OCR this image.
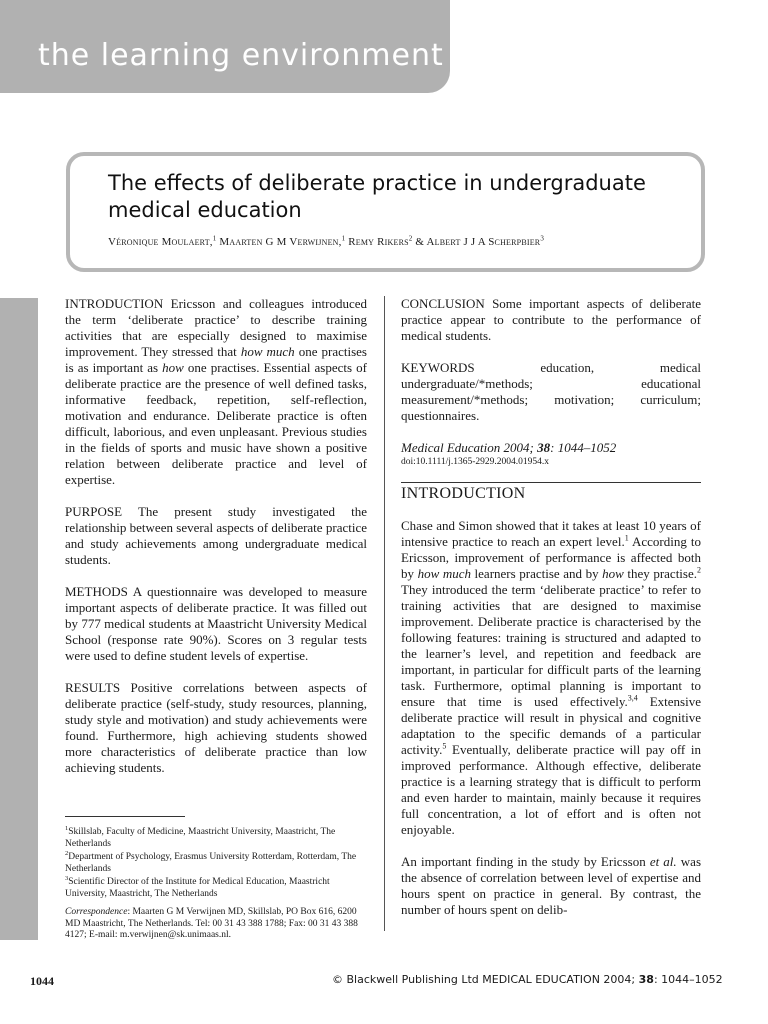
the learning environment
The effects of deliberate practice in undergraduate medical education
Véronique Moulaert,$^1$ Maarten G M Verwijnen,$^1$ Remy Rikers$^2$ & Albert J J A Scherpbier$^3$

INTRODUCTION Ericsson and colleagues introduced the term ‘deliberate practice’ to describe training activities that are especially designed to maximise improvement. They stressed that how much one practises is as important as how one practises. Essential aspects of deliberate practice are the presence of well defined tasks, informative feedback, repetition, self-reflection, motivation and endurance. Deliberate practice is often difficult, laborious, and even unpleasant. Previous studies in the fields of sports and music have shown a positive relation between deliberate practice and level of expertise.

PURPOSE The present study investigated the relationship between several aspects of deliberate practice and study achievements among undergraduate medical students.

METHODS A questionnaire was developed to measure important aspects of deliberate practice. It was filled out by 777 medical students at Maastricht University Medical School (response rate 90%). Scores on 3 regular tests were used to define student levels of expertise.

RESULTS Positive correlations between aspects of deliberate practice (self-study, study resources, planning, study style and motivation) and study achievements were found. Furthermore, high achieving students showed more characteristics of deliberate practice than low achieving students.

CONCLUSION Some important aspects of deliberate practice appear to contribute to the performance of medical students.

KEYWORDS education, medical undergraduate/*methods; educational measurement/*methods; motivation; curriculum; questionnaires.

Medical Education 2004; 38: 1044–1052
doi:10.1111/j.1365-2929.2004.01954.x
INTRODUCTION

Chase and Simon showed that it takes at least 10 years of intensive practice to reach an expert level.$^1$ According to Ericsson, improvement of performance is affected both by how much learners practise and by how they practise.$^2$ They introduced the term ‘deliberate practice’ to refer to training activities that are designed to maximise improvement. Deliberate practice is characterised by the following features: training is structured and adapted to the learner’s level, and repetition and feedback are important, in particular for difficult parts of the learning task. Furthermore, optimal planning is important to ensure that time is used effectively.$^{3,4}$ Extensive deliberate practice will result in physical and cognitive adaptation to the specific demands of a particular activity.$^5$ Eventually, deliberate practice will pay off in improved performance. Although effective, deliberate practice is a learning strategy that is difficult to perform and even harder to maintain, mainly because it requires full concentration, a lot of effort and is often not enjoyable.

An important finding in the study by Ericsson et al. was the absence of correlation between level of expertise and hours spent on practice in general. By contrast, the number of hours spent on delib-

$^1$Skillslab, Faculty of Medicine, Maastricht University, Maastricht, The Netherlands

$^2$Department of Psychology, Erasmus University Rotterdam, Rotterdam, The Netherlands

$^3$Scientific Director of the Institute for Medical Education, Maastricht University, Maastricht, The Netherlands

Correspondence: Maarten G M Verwijnen MD, Skillslab, PO Box 616, 6200 MD Maastricht, The Netherlands. Tel: 00 31 43 388 1788; Fax: 00 31 43 388 4127; E-mail: m.verwijnen@sk.unimaas.nl.

1044	© Blackwell Publishing Ltd MEDICAL EDUCATION 2004; 38: 1044–1052
